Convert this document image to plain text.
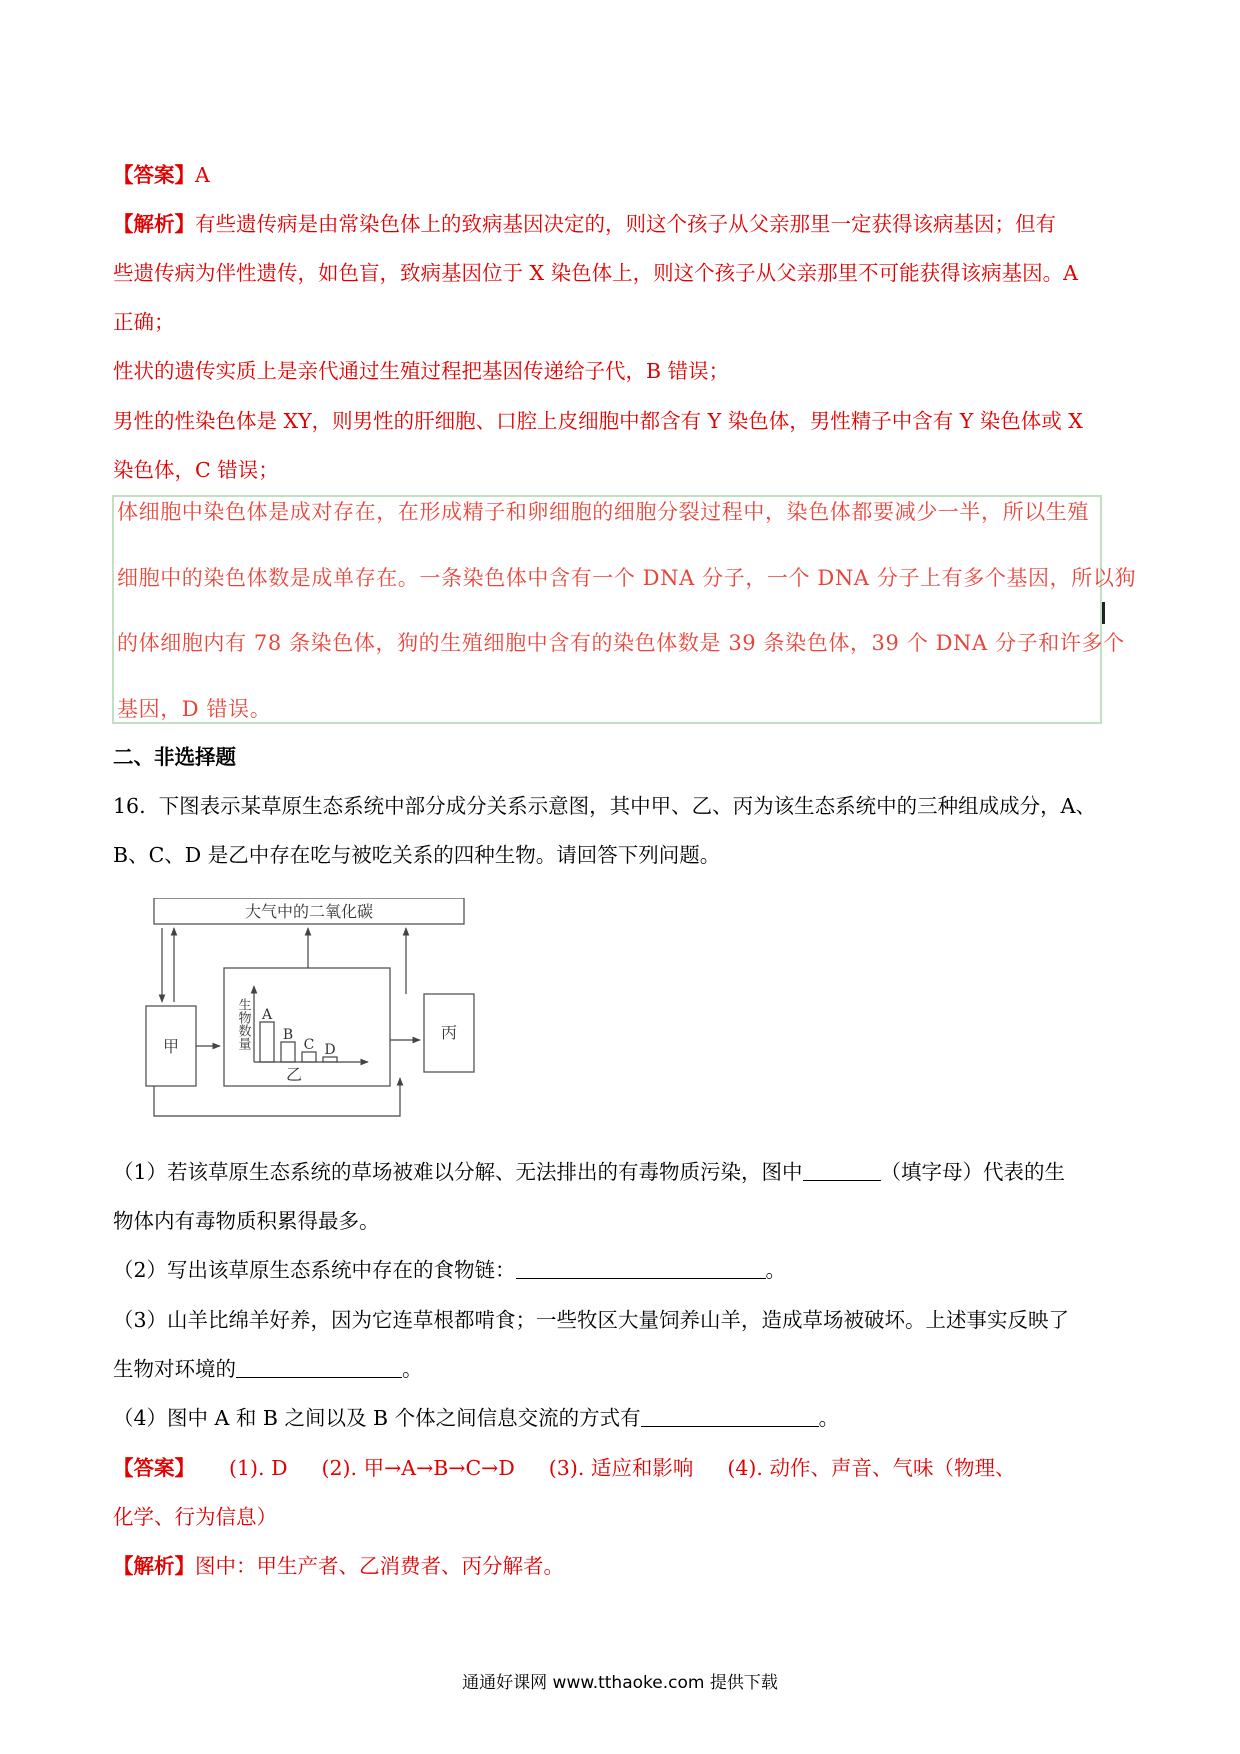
【答案】A
【解析】有些遗传病是由常染色体上的致病基因决定的，则这个孩子从父亲那里一定获得该病基因；但有
些遗传病为伴性遗传，如色盲，致病基因位于 X 染色体上，则这个孩子从父亲那里不可能获得该病基因。A
正确；
性状的遗传实质上是亲代通过生殖过程把基因传递给子代，B 错误；
男性的性染色体是 XY，则男性的肝细胞、口腔上皮细胞中都含有 Y 染色体，男性精子中含有 Y 染色体或 X
染色体，C 错误；
体细胞中染色体是成对存在，在形成精子和卵细胞的细胞分裂过程中，染色体都要减少一半，所以生殖
细胞中的染色体数是成单存在。一条染色体中含有一个 DNA 分子，一个 DNA 分子上有多个基因，所以狗
的体细胞内有 78 条染色体，狗的生殖细胞中含有的染色体数是 39 条染色体，39 个 DNA 分子和许多个
基因，D 错误。
二、非选择题
16. 下图表示某草原生态系统中部分成分关系示意图，其中甲、乙、丙为该生态系统中的三种组成成分，A、
B、C、D 是乙中存在吃与被吃关系的四种生物。请回答下列问题。
大气中的二氧化碳
甲
丙
乙
生物数量 A
B
C D
（1）若该草原生态系统的草场被难以分解、无法排出的有毒物质污染，图中	（填字母）代表的生
物体内有毒物质积累得最多。
（2）写出该草原生态系统中存在的食物链：	。
（3）山羊比绵羊好养，因为它连草根都啃食；一些牧区大量饲养山羊，造成草场被破坏。上述事实反映了
生物对环境的	。
（4）图中 A 和 B 之间以及 B 个体之间信息交流的方式有	。
【答案】 (1). D (2). 甲→A→B→C→D (3). 适应和影响 (4). 动作、声音、气味（物理、
化学、行为信息）
【解析】图中：甲生产者、乙消费者、丙分解者。
通通好课网 www.tthaoke.com 提供下载
